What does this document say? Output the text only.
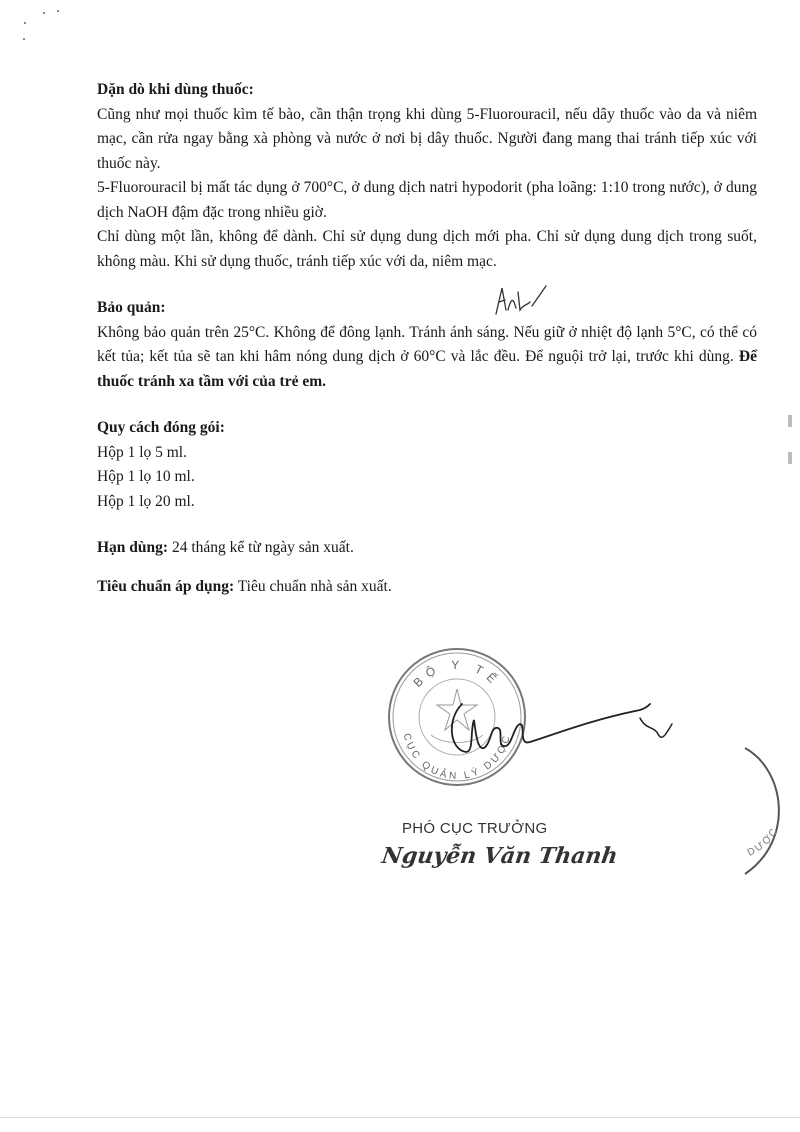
Dặn dò khi dùng thuốc:

Cũng như mọi thuốc kìm tế bào, cần thận trọng khi dùng 5-Fluorouracil, nếu dây thuốc vào da và niêm mạc, cần rửa ngay bằng xà phòng và nước ở nơi bị dây thuốc. Người đang mang thai tránh tiếp xúc với thuốc này.

5-Fluorouracil bị mất tác dụng ở 700°C, ở dung dịch natri hypodorit (pha loãng: 1:10 trong nước), ở dung dịch NaOH đậm đặc trong nhiều giờ.

Chỉ dùng một lần, không để dành. Chỉ sử dụng dung dịch mới pha. Chỉ sử dụng dung dịch trong suốt, không màu. Khi sử dụng thuốc, tránh tiếp xúc với da, niêm mạc.

Bảo quản:

Không bảo quản trên 25°C. Không để đông lạnh. Tránh ánh sáng. Nếu giữ ở nhiệt độ lạnh 5°C, có thể có kết tủa; kết tủa sẽ tan khi hâm nóng dung dịch ở 60°C và lắc đều. Để nguội trở lại, trước khi dùng. Để thuốc tránh xa tầm với của trẻ em.

Quy cách đóng gói:
Hộp 1 lọ 5 ml.
Hộp 1 lọ 10 ml.
Hộp 1 lọ 20 ml.
Hạn dùng: 24 tháng kể từ ngày sản xuất.
Tiêu chuẩn áp dụng: Tiêu chuẩn nhà sản xuất.
BỘ Y TẾ
CỤC QUẢN LÝ DƯỢC
PHÓ CỤC TRƯỞNG
Nguyễn Văn Thanh	DƯỢC
